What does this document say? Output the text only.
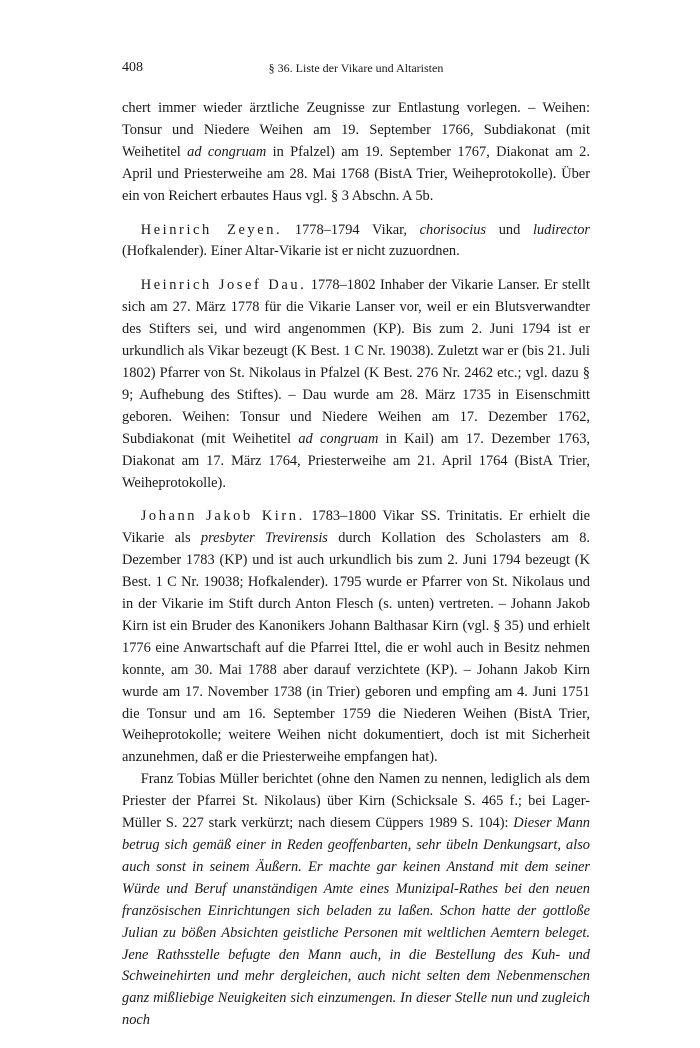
408	§ 36. Liste der Vikare und Altaristen

chert immer wieder ärztliche Zeugnisse zur Entlastung vorlegen. – Weihen: Tonsur und Niedere Weihen am 19. September 1766, Subdiakonat (mit Weihetitel ad congruam in Pfalzel) am 19. September 1767, Diakonat am 2. April und Priesterweihe am 28. Mai 1768 (BistA Trier, Weiheprotokolle). Über ein von Reichert erbautes Haus vgl. § 3 Abschn. A 5b.

Heinrich Zeyen. 1778–1794 Vikar, chorisocius und ludirector (Hofkalender). Einer Altar-Vikarie ist er nicht zuzuordnen.

Heinrich Josef Dau. 1778–1802 Inhaber der Vikarie Lanser. Er stellt sich am 27. März 1778 für die Vikarie Lanser vor, weil er ein Blutsverwandter des Stifters sei, und wird angenommen (KP). Bis zum 2. Juni 1794 ist er urkundlich als Vikar bezeugt (K Best. 1 C Nr. 19038). Zuletzt war er (bis 21. Juli 1802) Pfarrer von St. Nikolaus in Pfalzel (K Best. 276 Nr. 2462 etc.; vgl. dazu § 9; Aufhebung des Stiftes). – Dau wurde am 28. März 1735 in Eisenschmitt geboren. Weihen: Tonsur und Niedere Weihen am 17. Dezember 1762, Subdiakonat (mit Weihetitel ad congruam in Kail) am 17. Dezember 1763, Diakonat am 17. März 1764, Priesterweihe am 21. April 1764 (BistA Trier, Weiheprotokolle).

Johann Jakob Kirn. 1783–1800 Vikar SS. Trinitatis. Er erhielt die Vikarie als presbyter Trevirensis durch Kollation des Scholasters am 8. Dezember 1783 (KP) und ist auch urkundlich bis zum 2. Juni 1794 bezeugt (K Best. 1 C Nr. 19038; Hofkalender). 1795 wurde er Pfarrer von St. Nikolaus und in der Vikarie im Stift durch Anton Flesch (s. unten) vertreten. – Johann Jakob Kirn ist ein Bruder des Kanonikers Johann Balthasar Kirn (vgl. § 35) und erhielt 1776 eine Anwartschaft auf die Pfarrei Ittel, die er wohl auch in Besitz nehmen konnte, am 30. Mai 1788 aber darauf verzichtete (KP). – Johann Jakob Kirn wurde am 17. November 1738 (in Trier) geboren und empfing am 4. Juni 1751 die Tonsur und am 16. September 1759 die Niederen Weihen (BistA Trier, Weiheprotokolle; weitere Weihen nicht dokumentiert, doch ist mit Sicherheit anzunehmen, daß er die Priesterweihe empfangen hat).

Franz Tobias Müller berichtet (ohne den Namen zu nennen, lediglich als dem Priester der Pfarrei St. Nikolaus) über Kirn (Schicksale S. 465 f.; bei Lager-Müller S. 227 stark verkürzt; nach diesem Cüppers 1989 S. 104): Dieser Mann betrug sich gemäß einer in Reden geoffenbarten, sehr übeln Denkungsart, also auch sonst in seinem Äußern. Er machte gar keinen Anstand mit dem seiner Würde und Beruf unanständigen Amte eines Munizipal-Rathes bei den neuen französischen Einrichtungen sich beladen zu laßen. Schon hatte der gottloße Julian zu bößen Absichten geistliche Personen mit weltlichen Aemtern beleget. Jene Rathsstelle befugte den Mann auch, in die Bestellung des Kuh- und Schweinehirten und mehr dergleichen, auch nicht selten dem Nebenmenschen ganz mißliebige Neuigkeiten sich einzumengen. In dieser Stelle nun und zugleich noch
